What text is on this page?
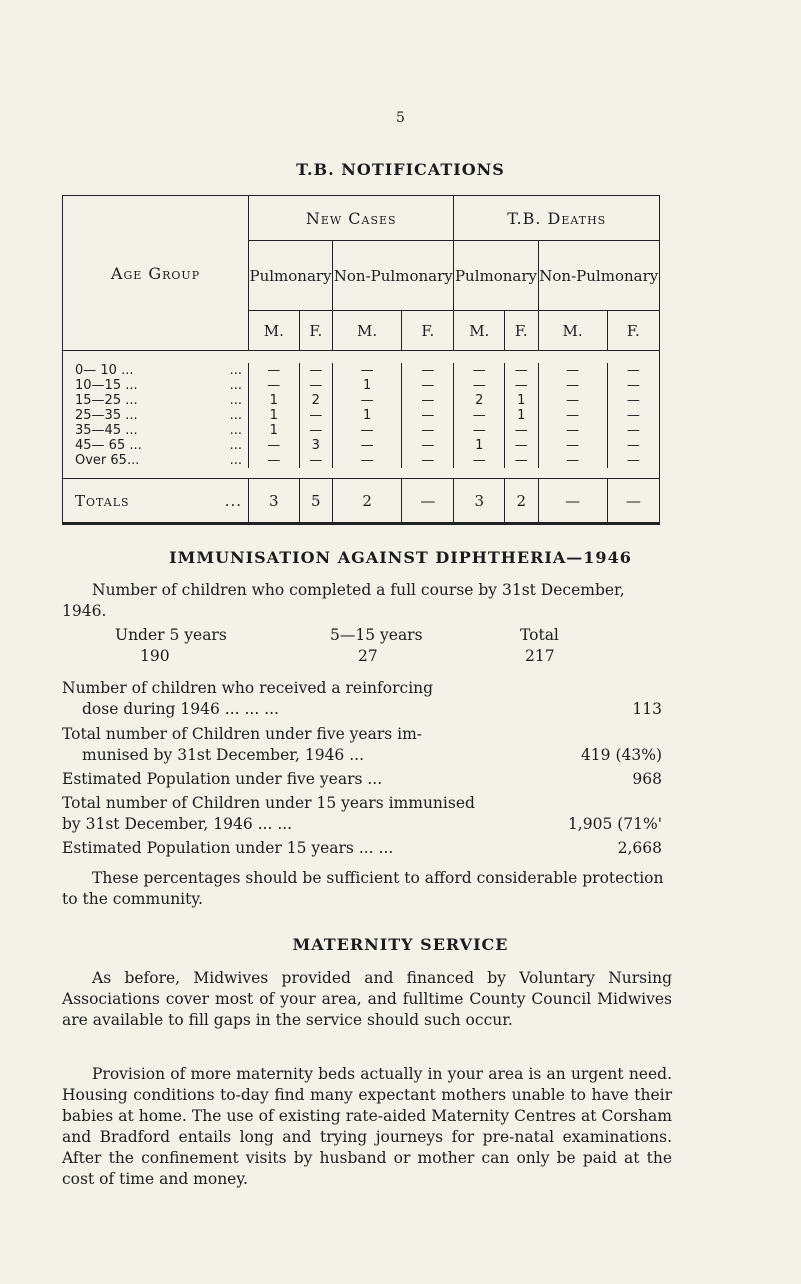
5
T.B. NOTIFICATIONS
Age Group	New Cases				T.B. Deaths			
	Pulmonary		Non-Pulmonary		Pulmonary		Non-Pulmonary	
	M.	F.	M.	F.	M.	F.	M.	F.

0— 10 ... ...	—	—	—	—	—	—	—	—
10—15 ... ...	—	—	1	—	—	—	—	—
15—25 ... ...	1	2	—	—	2	1	—	—
25—35 ... ...	1	—	1	—	—	1	—	—
35—45 ... ...	1	—	—	—	—	—	—	—
45— 65 ... ...	—	3	—	—	1	—	—	—
Over 65... ...	—	—	—	—	—	—	—	—

Totals ...	3	5	2	—	3	2	—	—
IMMUNISATION AGAINST DIPHTHERIA—1946
Number of children who completed a full course by 31st December, 1946.
Under 5 years	5—15 years	Total
190	27	217
Number of children who received a reinforcing
dose during 1946 ... ... ...	113
Total number of Children under five years im-
munised by 31st December, 1946 ...	419 (43%)
Estimated Population under five years ...	968
Total number of Children under 15 years immunised
by 31st December, 1946 ... ...	1,905 (71%'
Estimated Population under 15 years ... ...	2,668
These percentages should be sufficient to afford considerable protection to the community.
MATERNITY SERVICE
As before, Midwives provided and financed by Voluntary Nursing Associations cover most of your area, and fulltime County Council Midwives are available to fill gaps in the service should such occur.
Provision of more maternity beds actually in your area is an urgent need. Housing conditions to-day find many expectant mothers unable to have their babies at home. The use of existing rate-aided Maternity Centres at Corsham and Bradford entails long and trying journeys for pre-natal examinations. After the confinement visits by husband or mother can only be paid at the cost of time and money.
